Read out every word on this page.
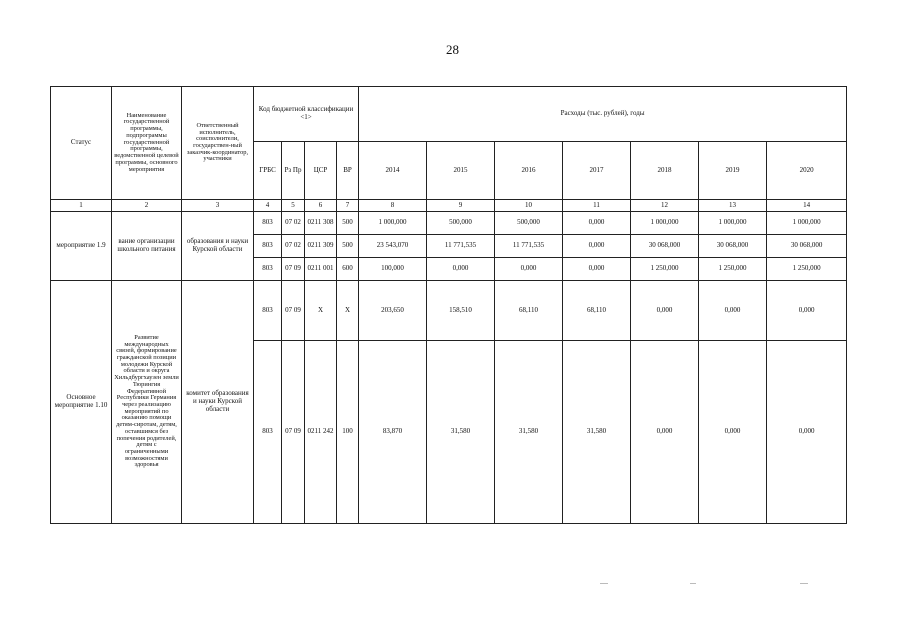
28
Статус	Наименование государственной программы, подпрограммы государственной программы, ведомственной целевой программы, основного мероприятия	Ответственный исполнитель, соисполнители, государствен-ный заказчик-координатор, участники	Код бюджетной классификации <1>				Расходы (тыс. рублей), годы						
			ГРБС	Рз Пр	ЦСР	ВР	2014	2015	2016	2017	2018	2019	2020
1	2	3	4	5	6	7	8	9	10	11	12	13	14
мероприятие 1.9	вание организации школьного питания	образования и науки Курской области	803	07 02	0211 308	500	1 000,000	500,000	500,000	0,000	1 000,000	1 000,000	1 000,000
			803	07 02	0211 309	500	23 543,070	11 771,535	11 771,535	0,000	30 068,000	30 068,000	30 068,000
			803	07 09	0211 001	600	100,000	0,000	0,000	0,000	1 250,000	1 250,000	1 250,000
Основное мероприятие 1.10	Развитие международных связей, формирование гражданской позиции молодежи Курской области и округа Хильдбургхаузен земли Тюрингия Федеративной Республики Германия через реализацию мероприятий по оказанию помощи детям-сиротам, детям, оставшимся без попечения родителей, детям с ограниченными возможностями здоровья	комитет образования и науки Курской области	803	07 09	Х	Х	203,650	158,510	68,110	68,110	0,000	0,000	0,000
			803	07 09	0211 242	100	83,870	31,580	31,580	31,580	0,000	0,000	0,000
